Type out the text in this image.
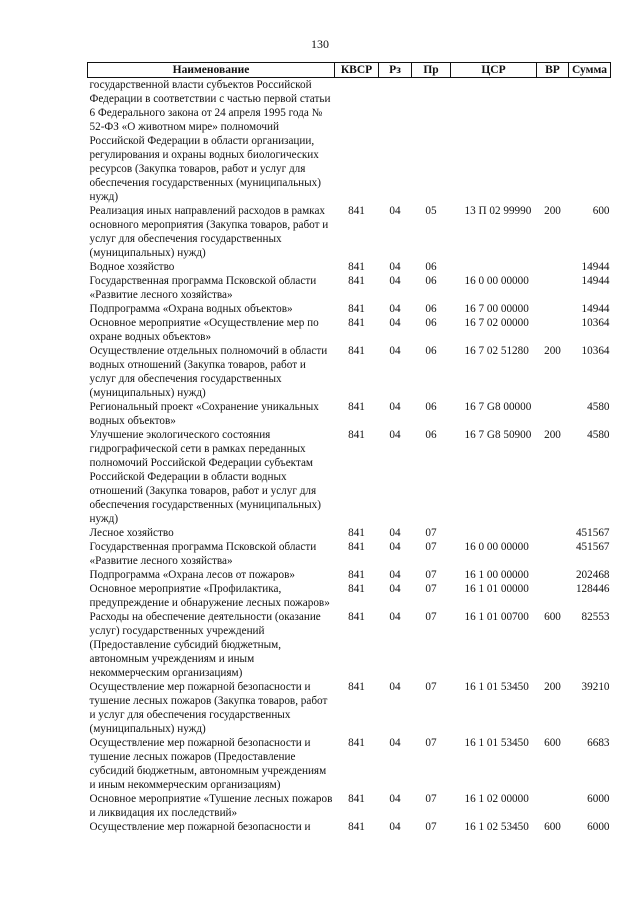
130
Наименование	КВСР	Рз	Пр	ЦСР	ВР	Сумма
государственной власти субъектов Российской Федерации в соответствии с частью первой статьи 6 Федерального закона от 24 апреля 1995 года № 52-ФЗ «О животном мире» полномочий Российской Федерации в области организации, регулирования и охраны водных биологических ресурсов (Закупка товаров, работ и услуг для обеспечения государственных (муниципальных) нужд)						
Реализация иных направлений расходов в рамках основного мероприятия (Закупка товаров, работ и услуг для обеспечения государственных (муниципальных) нужд)	841	04	05	13 П 02 99990	200	600
Водное хозяйство	841	04	06			14944
Государственная программа Псковской области «Развитие лесного хозяйства»	841	04	06	16 0 00 00000		14944
Подпрограмма «Охрана водных объектов»	841	04	06	16 7 00 00000		14944
Основное мероприятие «Осуществление мер по охране водных объектов»	841	04	06	16 7 02 00000		10364
Осуществление отдельных полномочий в области водных отношений (Закупка товаров, работ и услуг для обеспечения государственных (муниципальных) нужд)	841	04	06	16 7 02 51280	200	10364
Региональный проект «Сохранение уникальных водных объектов»	841	04	06	16 7 G8 00000		4580
Улучшение экологического состояния гидрографической сети в рамках переданных полномочий Российской Федерации субъектам Российской Федерации в области водных отношений (Закупка товаров, работ и услуг для обеспечения государственных (муниципальных) нужд)	841	04	06	16 7 G8 50900	200	4580
Лесное хозяйство	841	04	07			451567
Государственная программа Псковской области «Развитие лесного хозяйства»	841	04	07	16 0 00 00000		451567
Подпрограмма «Охрана лесов от пожаров»	841	04	07	16 1 00 00000		202468
Основное мероприятие «Профилактика, предупреждение и обнаружение лесных пожаров»	841	04	07	16 1 01 00000		128446
Расходы на обеспечение деятельности (оказание услуг) государственных учреждений (Предоставление субсидий бюджетным, автономным учреждениям и иным некоммерческим организациям)	841	04	07	16 1 01 00700	600	82553
Осуществление мер пожарной безопасности и тушение лесных пожаров (Закупка товаров, работ и услуг для обеспечения государственных (муниципальных) нужд)	841	04	07	16 1 01 53450	200	39210
Осуществление мер пожарной безопасности и тушение лесных пожаров (Предоставление субсидий бюджетным, автономным учреждениям и иным некоммерческим организациям)	841	04	07	16 1 01 53450	600	6683
Основное мероприятие «Тушение лесных пожаров и ликвидация их последствий»	841	04	07	16 1 02 00000		6000
Осуществление мер пожарной безопасности и	841	04	07	16 1 02 53450	600	6000
